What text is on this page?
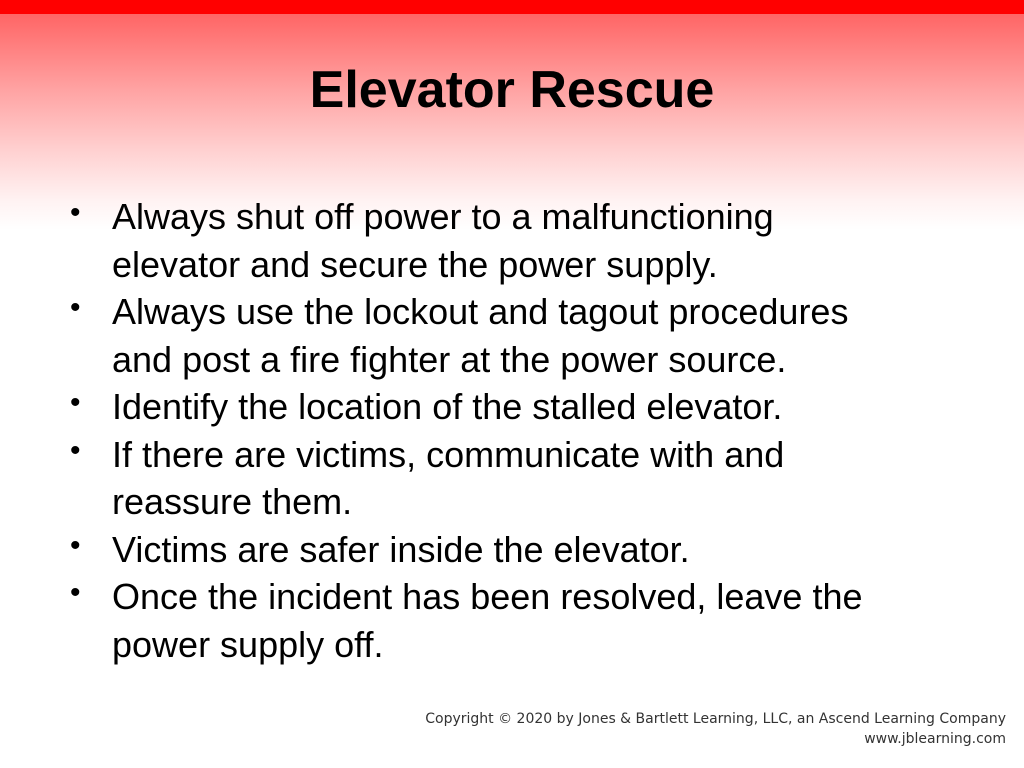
Elevator Rescue
• Always shut off power to a malfunctioning
elevator and secure the power supply.
• Always use the lockout and tagout procedures
and post a fire fighter at the power source.
• Identify the location of the stalled elevator.
• If there are victims, communicate with and
reassure them.
• Victims are safer inside the elevator.
• Once the incident has been resolved, leave the
power supply off.
Copyright © 2020 by Jones & Bartlett Learning, LLC, an Ascend Learning Company
www.jblearning.com
